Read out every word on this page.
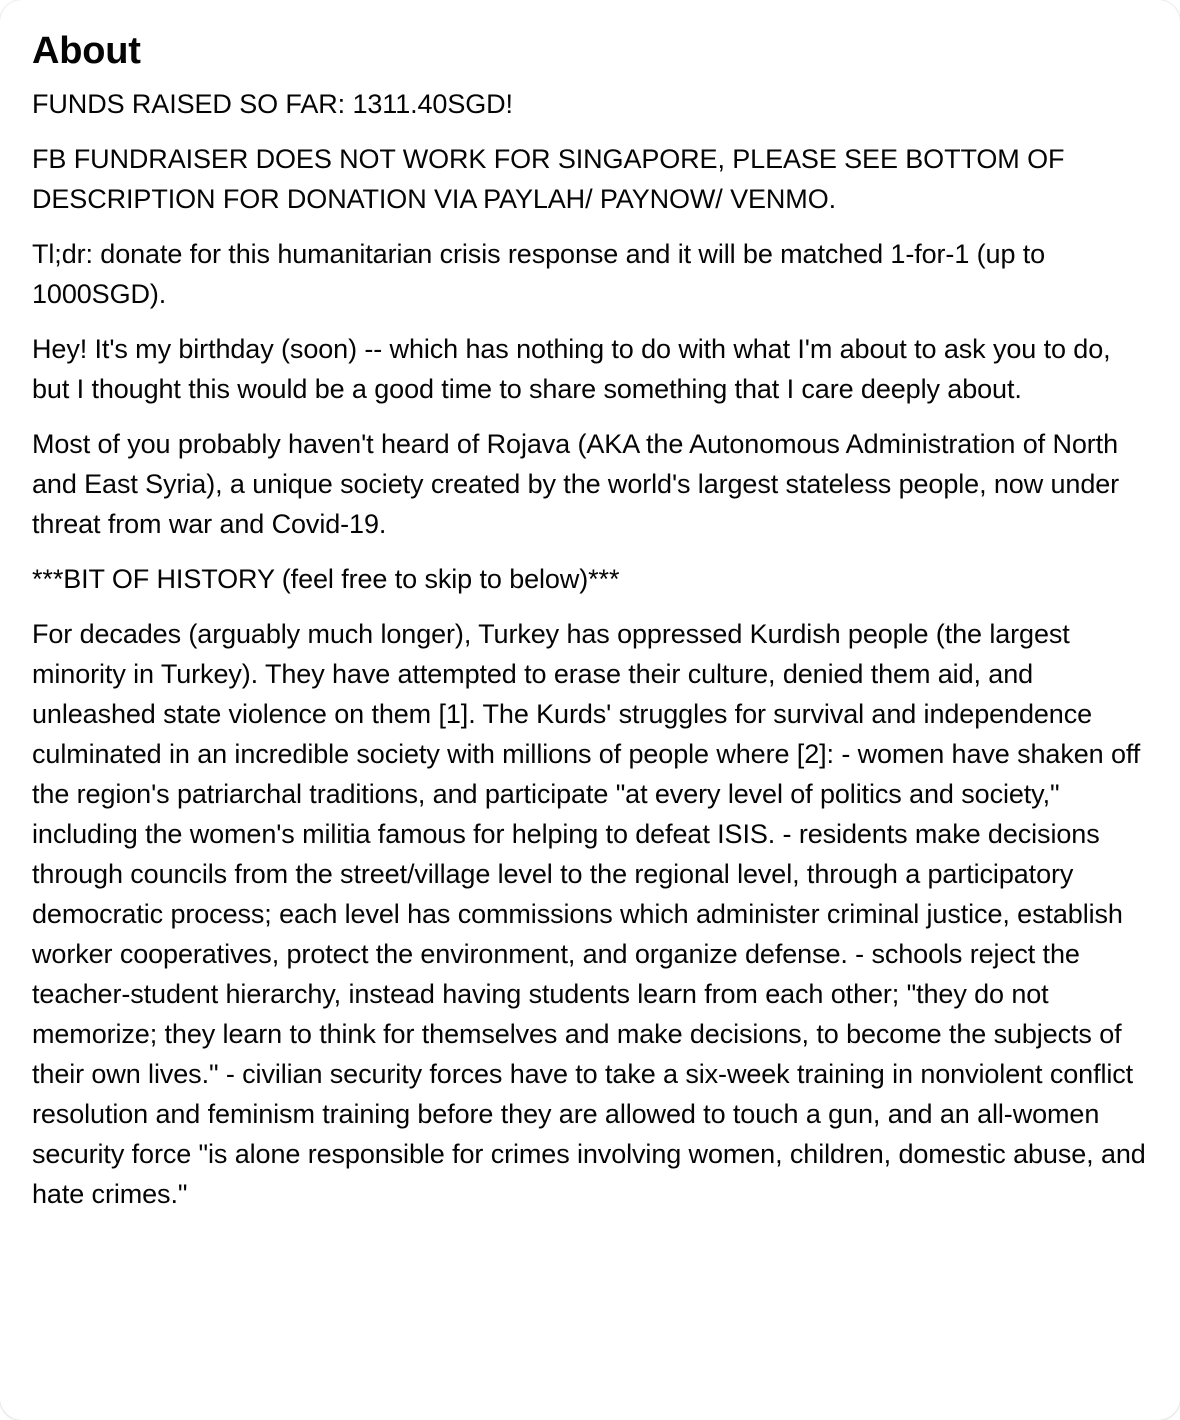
About

FUNDS RAISED SO FAR: 1311.40SGD!

FB FUNDRAISER DOES NOT WORK FOR SINGAPORE, PLEASE SEE BOTTOM OF DESCRIPTION FOR DONATION VIA PAYLAH/ PAYNOW/ VENMO.

Tl;dr: donate for this humanitarian crisis response and it will be matched 1-for-1 (up to 1000SGD).

Hey! It's my birthday (soon) -- which has nothing to do with what I'm about to ask you to do, but I thought this would be a good time to share something that I care deeply about.

Most of you probably haven't heard of Rojava (AKA the Autonomous Administration of North and East Syria), a unique society created by the world's largest stateless people, now under threat from war and Covid-19.

***BIT OF HISTORY (feel free to skip to below)***

For decades (arguably much longer), Turkey has oppressed Kurdish people (the largest minority in Turkey). They have attempted to erase their culture, denied them aid, and unleashed state violence on them [1]. The Kurds' struggles for survival and independence culminated in an incredible society with millions of people where [2]: - women have shaken off the region's patriarchal traditions, and participate "at every level of politics and society," including the women's militia famous for helping to defeat ISIS. - residents make decisions through councils from the street/village level to the regional level, through a participatory democratic process; each level has commissions which administer criminal justice, establish worker cooperatives, protect the environment, and organize defense. - schools reject the teacher-student hierarchy, instead having students learn from each other; "they do not memorize; they learn to think for themselves and make decisions, to become the subjects of their own lives." - civilian security forces have to take a six-week training in nonviolent conflict resolution and feminism training before they are allowed to touch a gun, and an all-women security force "is alone responsible for crimes involving women, children, domestic abuse, and hate crimes."
